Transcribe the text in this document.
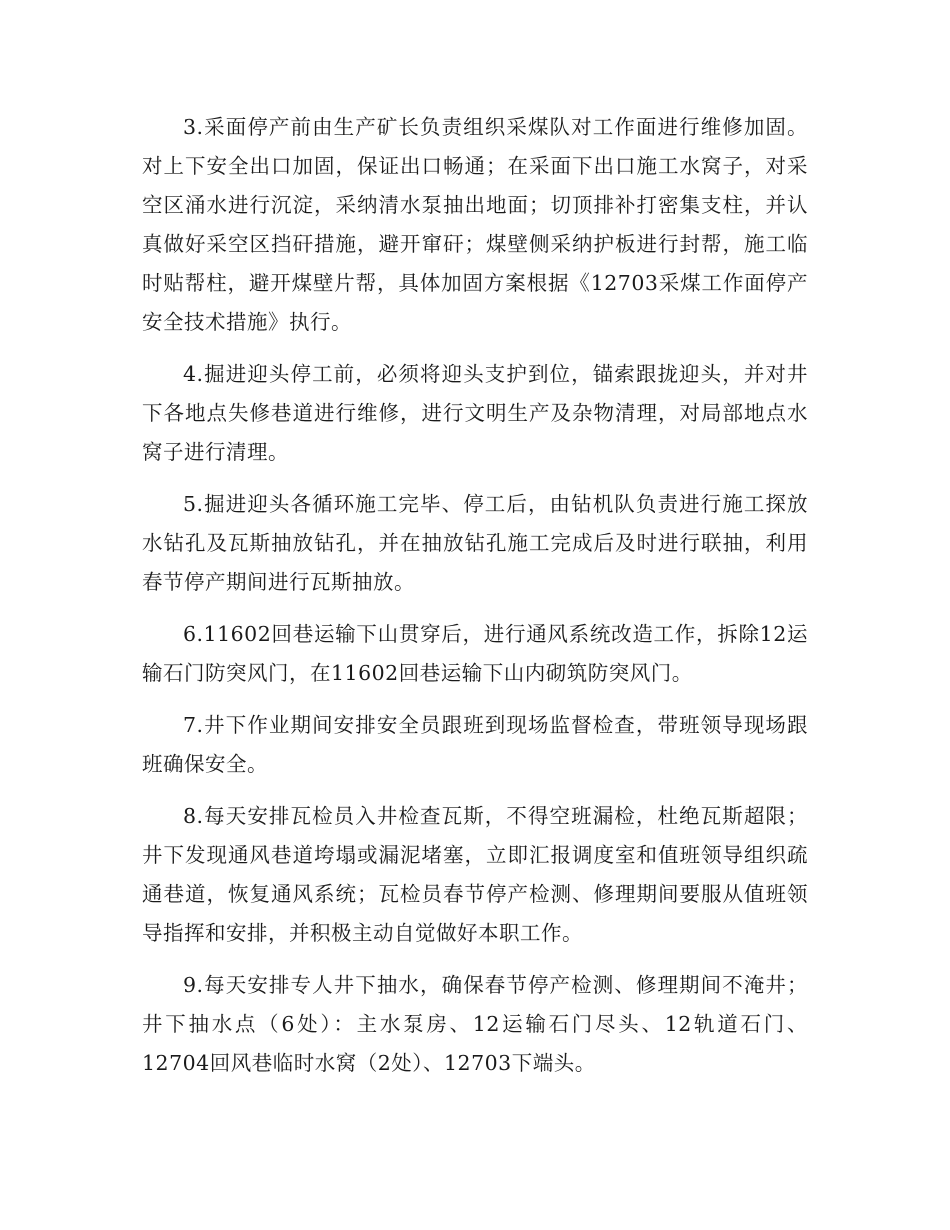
3.采面停产前由生产矿长负责组织采煤队对工作面进行维修加固。对上下安全出口加固，保证出口畅通；在采面下出口施工水窝子，对采空区涌水进行沉淀，采纳清水泵抽出地面；切顶排补打密集支柱，并认真做好采空区挡矸措施，避开窜矸；煤壁侧采纳护板进行封帮，施工临时贴帮柱，避开煤壁片帮，具体加固方案根据《12703采煤工作面停产安全技术措施》执行。

4.掘进迎头停工前，必须将迎头支护到位，锚索跟拢迎头，并对井下各地点失修巷道进行维修，进行文明生产及杂物清理，对局部地点水窝子进行清理。

5.掘进迎头各循环施工完毕、停工后，由钻机队负责进行施工探放水钻孔及瓦斯抽放钻孔，并在抽放钻孔施工完成后及时进行联抽，利用春节停产期间进行瓦斯抽放。

6.11602回巷运输下山贯穿后，进行通风系统改造工作，拆除12运输石门防突风门，在11602回巷运输下山内砌筑防突风门。

7.井下作业期间安排安全员跟班到现场监督检查，带班领导现场跟班确保安全。

8.每天安排瓦检员入井检查瓦斯，不得空班漏检，杜绝瓦斯超限；井下发现通风巷道垮塌或漏泥堵塞，立即汇报调度室和值班领导组织疏通巷道，恢复通风系统；瓦检员春节停产检测、修理期间要服从值班领导指挥和安排，并积极主动自觉做好本职工作。

9.每天安排专人井下抽水，确保春节停产检测、修理期间不淹井；井下抽水点（6处）：主水泵房、12运输石门尽头、12轨道石门、12704回风巷临时水窝（2处）、12703下端头。
